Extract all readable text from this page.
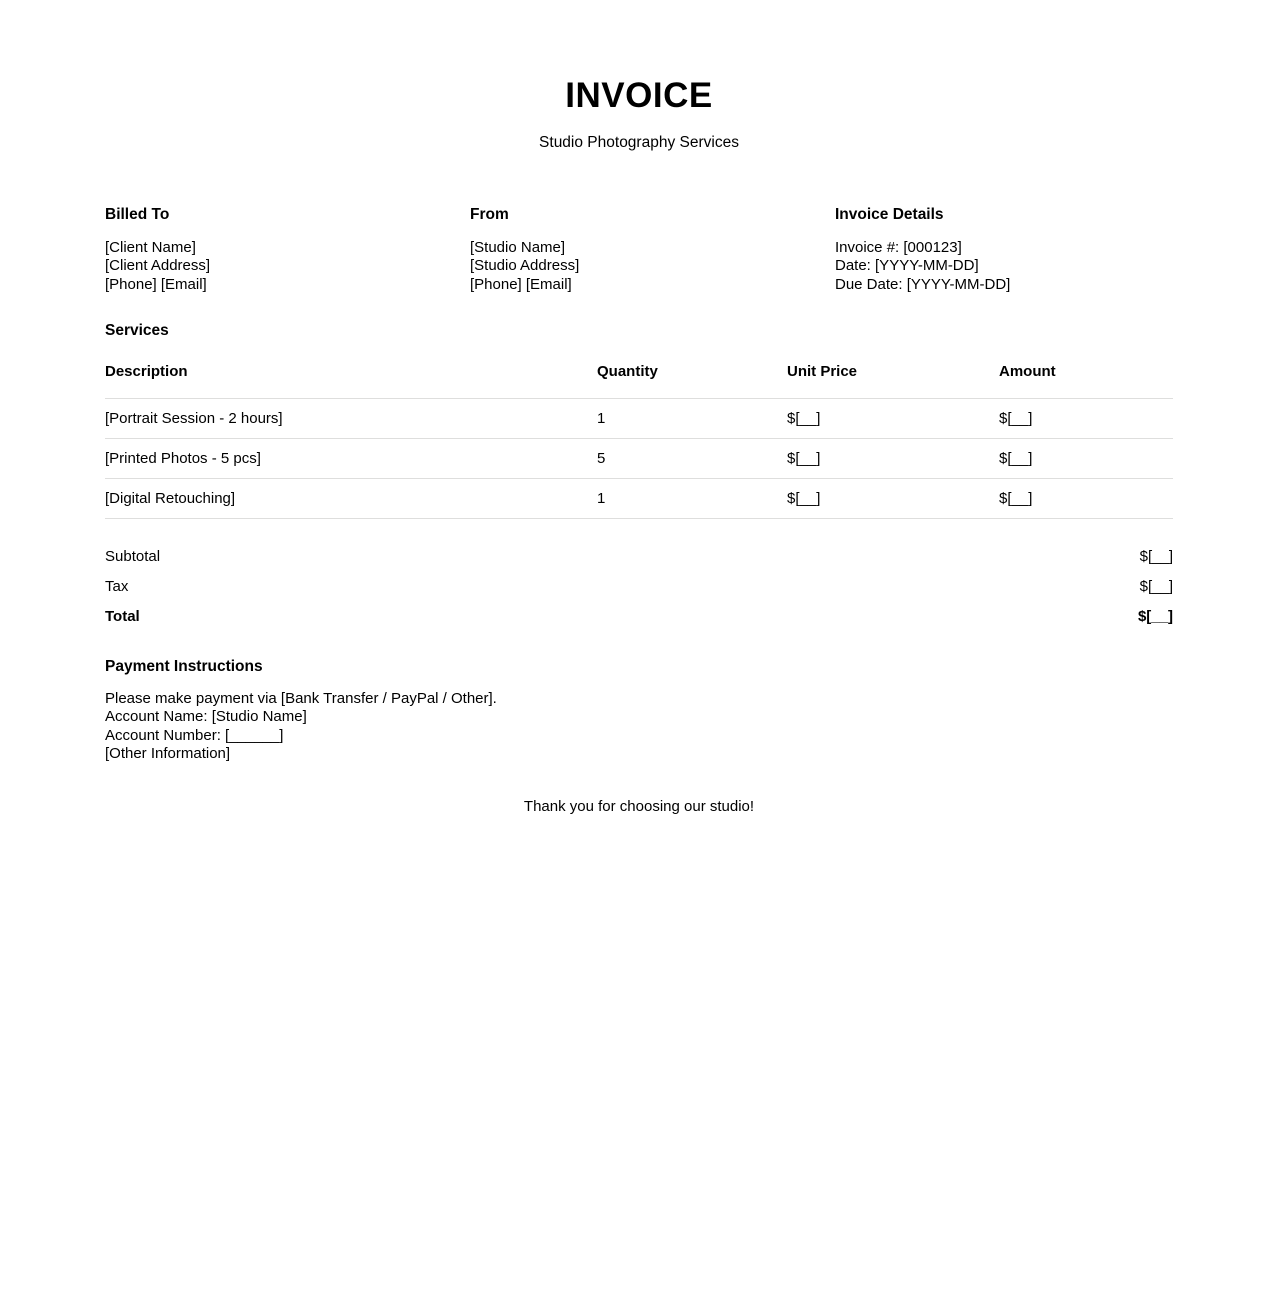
INVOICE
Studio Photography Services
Billed To
[Client Name]
[Client Address]
[Phone] [Email]
From
[Studio Name]
[Studio Address]
[Phone] [Email]
Invoice Details
Invoice #: [000123]
Date: [YYYY-MM-DD]
Due Date: [YYYY-MM-DD]
Services
Description	Quantity	Unit Price	Amount
[Portrait Session - 2 hours]	1	$[__]	$[__]
[Printed Photos - 5 pcs]	5	$[__]	$[__]
[Digital Retouching]	1	$[__]	$[__]
Subtotal	$[__]
Tax	$[__]
Total	$[__]
Payment Instructions
Please make payment via [Bank Transfer / PayPal / Other].
Account Name: [Studio Name]
Account Number: [______]
[Other Information]
Thank you for choosing our studio!
